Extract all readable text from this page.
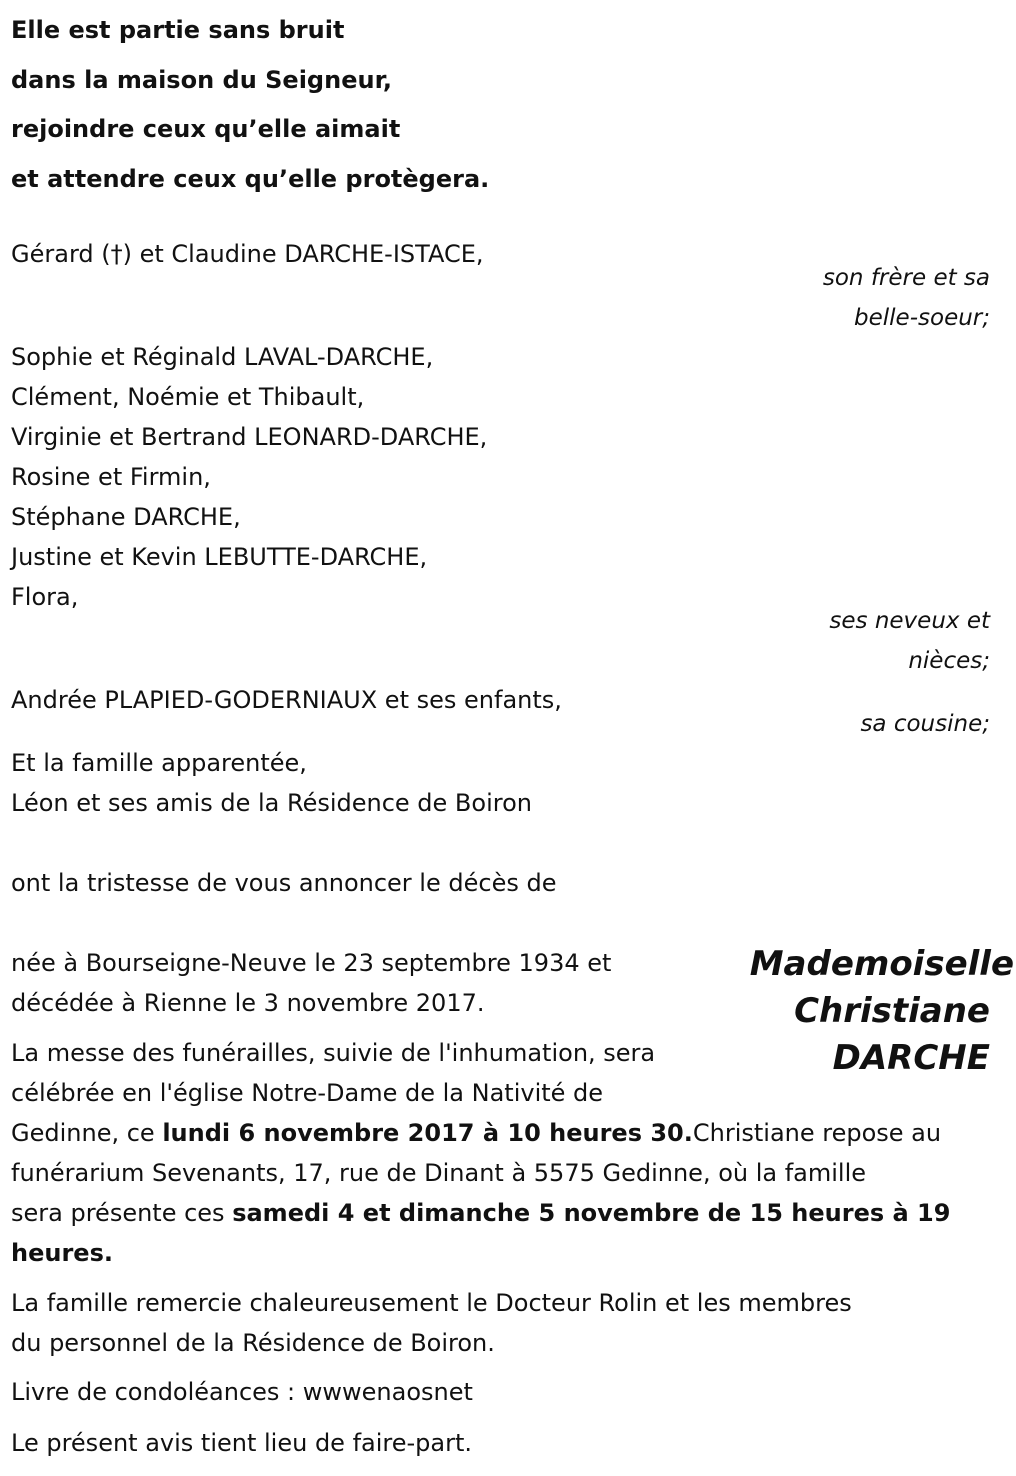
Elle est partie sans bruit
dans la maison du Seigneur,
rejoindre ceux qu’elle aimait
et attendre ceux qu’elle protègera.
Gérard (†) et Claudine DARCHE-ISTACE,
son frère et sa
belle-soeur;
Sophie et Réginald LAVAL-DARCHE,
Clément, Noémie et Thibault,
Virginie et Bertrand LEONARD-DARCHE,
Rosine et Firmin,
Stéphane DARCHE,
Justine et Kevin LEBUTTE-DARCHE,
Flora,
ses neveux et
nièces;
Andrée PLAPIED-GODERNIAUX et ses enfants,
sa cousine;
Et la famille apparentée,
Léon et ses amis de la Résidence de Boiron
ont la tristesse de vous annoncer le décès de
Mademoiselle
Christiane
DARCHE
née à Bourseigne-Neuve le 23 septembre 1934 et
décédée à Rienne le 3 novembre 2017.
La messe des funérailles, suivie de l'inhumation, sera
célébrée en l'église Notre-Dame de la Nativité de
Gedinne, ce lundi 6 novembre 2017 à 10 heures 30.Christiane repose au
funérarium Sevenants, 17, rue de Dinant à 5575 Gedinne, où la famille
sera présente ces samedi 4 et dimanche 5 novembre de 15 heures à 19
heures.
La famille remercie chaleureusement le Docteur Rolin et les membres
du personnel de la Résidence de Boiron.
Livre de condoléances : wwwenaosnet
Le présent avis tient lieu de faire-part.
